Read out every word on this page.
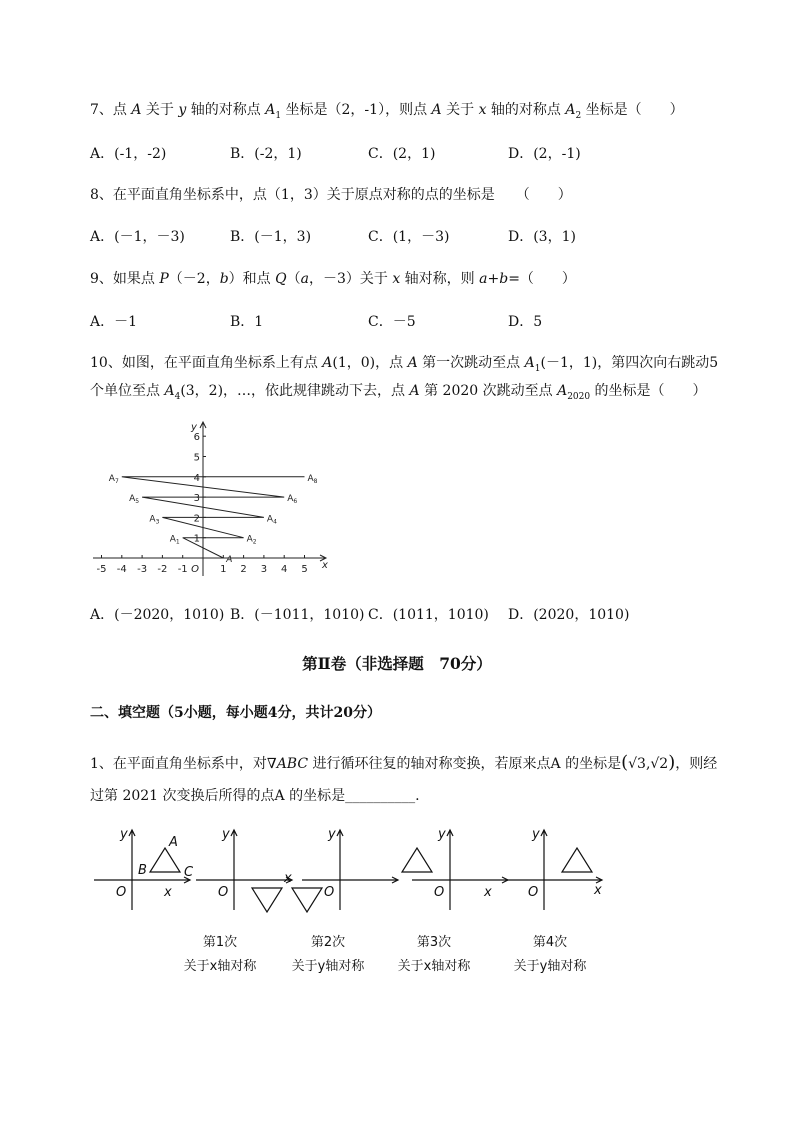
7、点 A 关于 y 轴的对称点 $A_1$ 坐标是（2，-1），则点 A 关于 x 轴的对称点 $A_2$ 坐标是（　　）
A．(-1，-2)	B．(-2，1)	C．(2，1)	D．(2，-1)
8、在平面直角坐标系中，点（1，3）关于原点对称的点的坐标是　　（　　）
A．(－1，－3)	B．(－1，3)	C．(1，－3)	D．(3，1)
9、如果点 P（－2，b）和点 Q（a，－3）关于 x 轴对称，则 a+b=（　　）
A．－1	B．1	C．－5	D．5
10、如图，在平面直角坐标系上有点 A(1，0)，点 A 第一次跳动至点 $A_1(-1$，1)，第四次向右跳动5
个单位至点 $A_4(3$，2)，…，依此规律跳动下去，点 A 第 2020 次跳动至点 $A_{2020}$ 的坐标是（　　）
-5 -4 -3 -2 -1	1 2 3 4 5
1
2
3
4
5
6
O	x
y
A
$A_1$	$A_2$
$A_3$	$A_4$
$A_5$	$A_6$
$A_7$	$A_8$
A．(－2020，1010) B．(－1011，1010) C．(1011，1010) D．(2020，1010)
第Ⅱ卷（非选择题　70分）
二、填空题（5小题，每小题4分，共计20分）
1、在平面直角坐标系中，对∇ABC 进行循环往复的轴对称变换，若原来点A 的坐标是(√3,√2)，则经
过第 2021 次变换后所得的点A 的坐标是__________.
y
O	x
A
B	C
y
O
x
y
O
y
O	x
y
O	x
第1次
关于x轴对称
第2次
关于y轴对称
第3次
关于x轴对称
第4次
关于y轴对称
